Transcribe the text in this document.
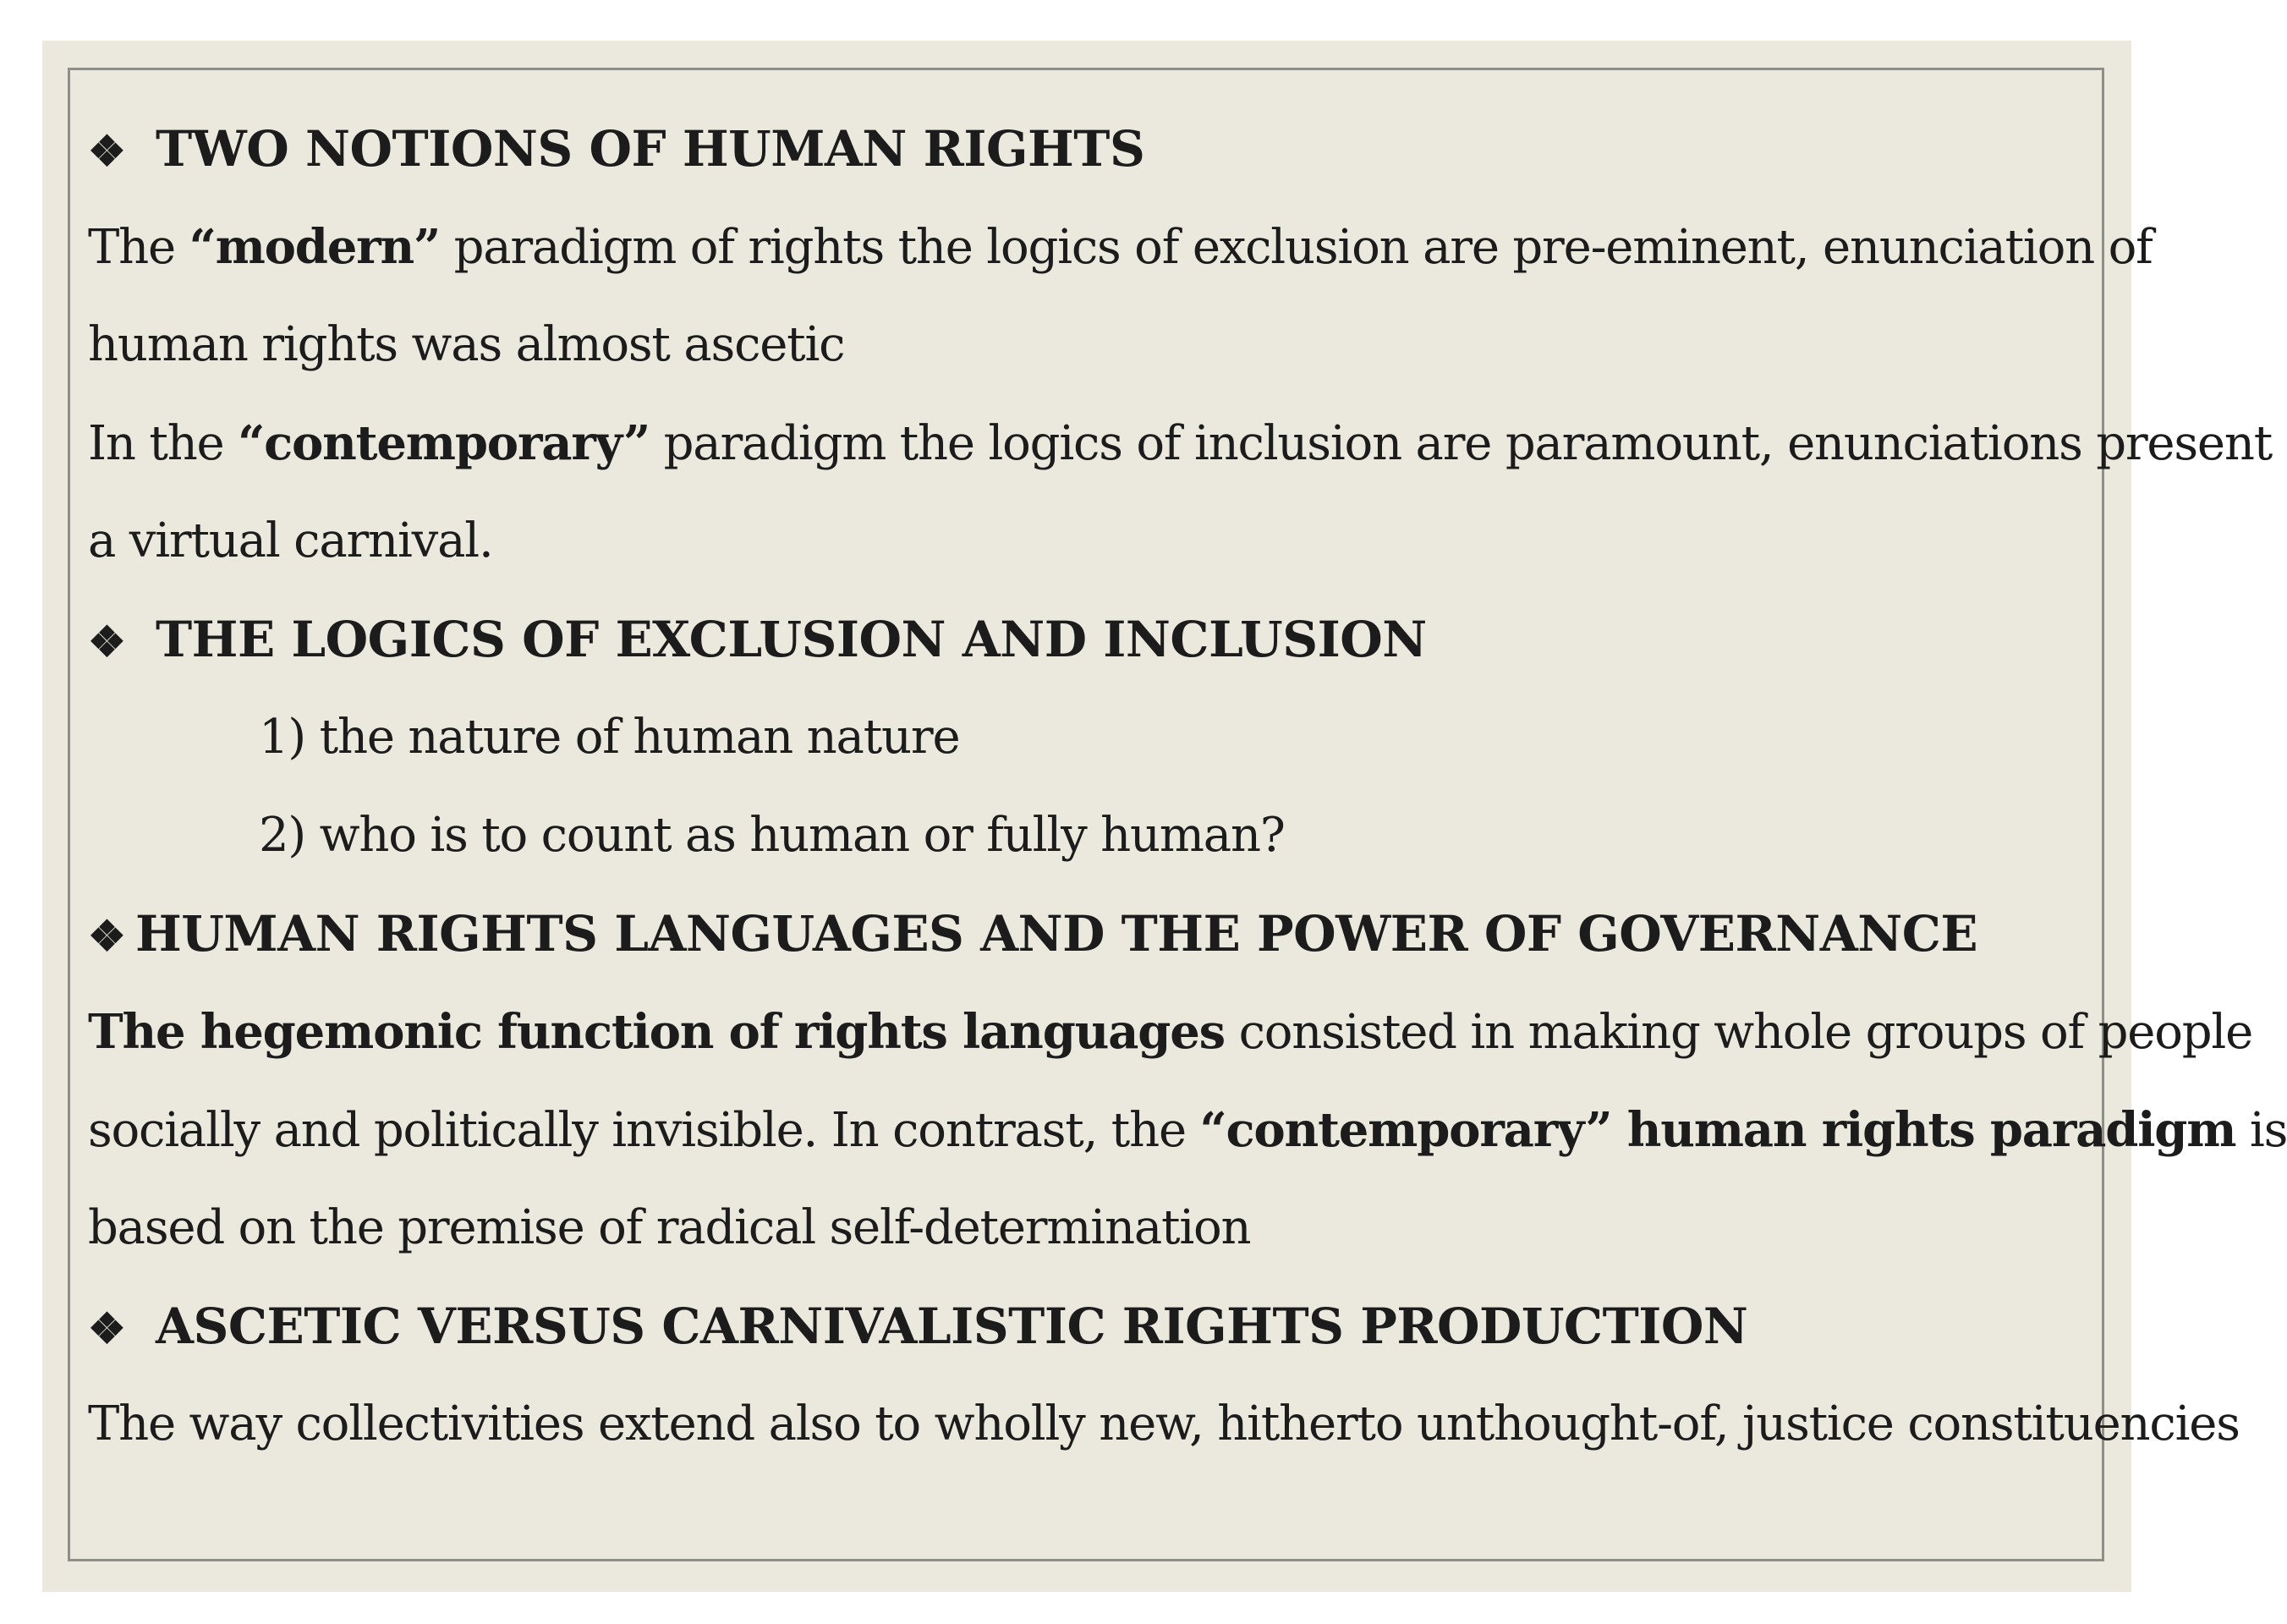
❖ TWO NOTIONS OF HUMAN RIGHTS
The “modern” paradigm of rights the logics of exclusion are pre-eminent, enunciation of
human rights was almost ascetic
In the “contemporary” paradigm the logics of inclusion are paramount, enunciations present
a virtual carnival.
❖ THE LOGICS OF EXCLUSION AND INCLUSION
1) the nature of human nature
2) who is to count as human or fully human?
❖ HUMAN RIGHTS LANGUAGES AND THE POWER OF GOVERNANCE
The hegemonic function of rights languages consisted in making whole groups of people
socially and politically invisible. In contrast, the “contemporary” human rights paradigm is
based on the premise of radical self-determination
❖ ASCETIC VERSUS CARNIVALISTIC RIGHTS PRODUCTION
The way collectivities extend also to wholly new, hitherto unthought-of, justice constituencies
